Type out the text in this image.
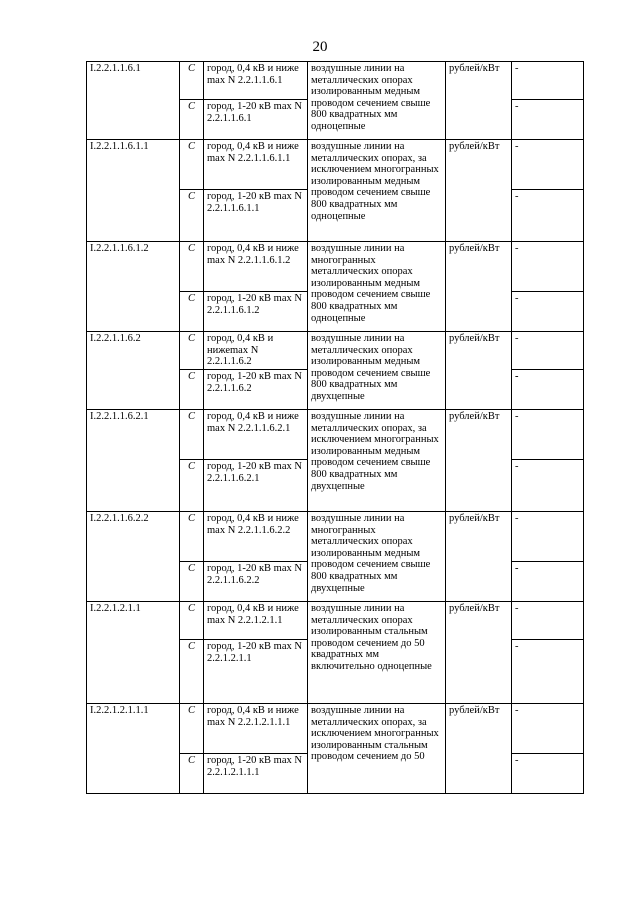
20
I.2.2.1.1.6.1	C	город, 0,4 кВ и ниже max N 2.2.1.1.6.1	воздушные линии на металлических опорах изолированным медным проводом сечением свыше 800 квадратных мм одноцепные	рублей/кВт	-
	C	город, 1-20 кВ max N 2.2.1.1.6.1			-
I.2.2.1.1.6.1.1	C	город, 0,4 кВ и ниже max N 2.2.1.1.6.1.1	воздушные линии на металлических опорах, за исключением многогранных изолированным медным проводом сечением свыше 800 квадратных мм одноцепные	рублей/кВт	-
	C	город, 1-20 кВ max N 2.2.1.1.6.1.1			-
I.2.2.1.1.6.1.2	C	город, 0,4 кВ и ниже max N 2.2.1.1.6.1.2	воздушные линии на многогранных металлических опорах изолированным медным проводом сечением свыше 800 квадратных мм одноцепные	рублей/кВт	-
	C	город, 1-20 кВ max N 2.2.1.1.6.1.2			-
I.2.2.1.1.6.2	C	город, 0,4 кВ и нижеmax N 2.2.1.1.6.2	воздушные линии на металлических опорах изолированным медным проводом сечением свыше 800 квадратных мм двухцепные	рублей/кВт	-
	C	город, 1-20 кВ max N 2.2.1.1.6.2			-
I.2.2.1.1.6.2.1	C	город, 0,4 кВ и ниже max N 2.2.1.1.6.2.1	воздушные линии на металлических опорах, за исключением многогранных изолированным медным проводом сечением свыше 800 квадратных мм двухцепные	рублей/кВт	-
	C	город, 1-20 кВ max N 2.2.1.1.6.2.1			-
I.2.2.1.1.6.2.2	C	город, 0,4 кВ и ниже max N 2.2.1.1.6.2.2	воздушные линии на многогранных металлических опорах изолированным медным проводом сечением свыше 800 квадратных мм двухцепные	рублей/кВт	-
	C	город, 1-20 кВ max N 2.2.1.1.6.2.2			-
I.2.2.1.2.1.1	C	город, 0,4 кВ и ниже max N 2.2.1.2.1.1	воздушные линии на металлических опорах изолированным стальным проводом сечением до 50 квадратных мм включительно одноцепные	рублей/кВт	-
	C	город, 1-20 кВ max N 2.2.1.2.1.1			-
I.2.2.1.2.1.1.1	C	город, 0,4 кВ и ниже max N 2.2.1.2.1.1.1	воздушные линии на металлических опорах, за исключением многогранных изолированным стальным проводом сечением до 50	рублей/кВт	-
	C	город, 1-20 кВ max N 2.2.1.2.1.1.1			-
